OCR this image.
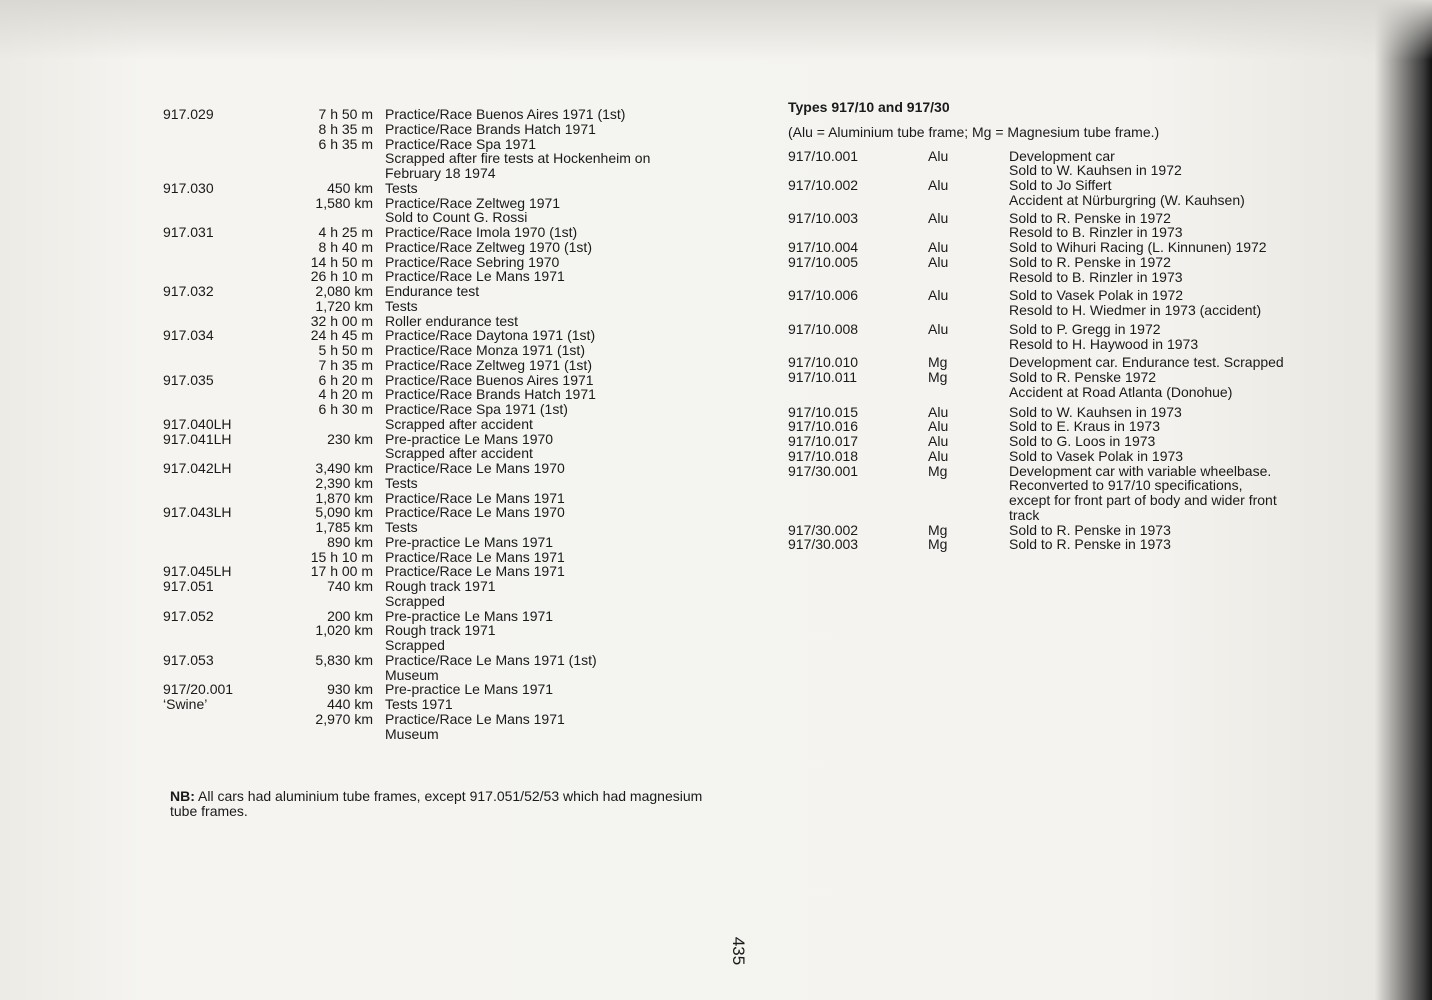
917.029	7 h 50 m Practice/Race Buenos Aires 1971 (1st)
8 h 35 m Practice/Race Brands Hatch 1971
6 h 35 m Practice/Race Spa 1971
Scrapped after fire tests at Hockenheim on
February 18 1974
917.030	450 km Tests
1,580 km Practice/Race Zeltweg 1971
Sold to Count G. Rossi
917.031	4 h 25 m Practice/Race Imola 1970 (1st)
8 h 40 m Practice/Race Zeltweg 1970 (1st)
14 h 50 m Practice/Race Sebring 1970
26 h 10 m Practice/Race Le Mans 1971
917.032	2,080 km Endurance test
1,720 km Tests
32 h 00 m Roller endurance test
917.034	24 h 45 m Practice/Race Daytona 1971 (1st)
5 h 50 m Practice/Race Monza 1971 (1st)
7 h 35 m Practice/Race Zeltweg 1971 (1st)
917.035	6 h 20 m Practice/Race Buenos Aires 1971
4 h 20 m Practice/Race Brands Hatch 1971
6 h 30 m Practice/Race Spa 1971 (1st)
917.040LH	Scrapped after accident
917.041LH	230 km Pre-practice Le Mans 1970
Scrapped after accident
917.042LH	3,490 km Practice/Race Le Mans 1970
2,390 km Tests
1,870 km Practice/Race Le Mans 1971
917.043LH	5,090 km Practice/Race Le Mans 1970
1,785 km Tests
890 km Pre-practice Le Mans 1971
15 h 10 m Practice/Race Le Mans 1971
917.045LH	17 h 00 m Practice/Race Le Mans 1971
917.051	740 km Rough track 1971
Scrapped
917.052	200 km Pre-practice Le Mans 1971
1,020 km Rough track 1971
Scrapped
917.053	5,830 km Practice/Race Le Mans 1971 (1st)
Museum
917/20.001	930 km Pre-practice Le Mans 1971
‘Swine’	440 km Tests 1971
2,970 km Practice/Race Le Mans 1971
Museum
Types 917/10 and 917/30
(Alu = Aluminium tube frame; Mg = Magnesium tube frame.)
917/10.001	Alu	Development car
Sold to W. Kauhsen in 1972
917/10.002	Alu	Sold to Jo Siffert
Accident at Nürburgring (W. Kauhsen)
917/10.003	Alu	Sold to R. Penske in 1972
Resold to B. Rinzler in 1973
917/10.004	Alu	Sold to Wihuri Racing (L. Kinnunen) 1972
917/10.005	Alu	Sold to R. Penske in 1972
Resold to B. Rinzler in 1973
917/10.006	Alu	Sold to Vasek Polak in 1972
Resold to H. Wiedmer in 1973 (accident)
917/10.008	Alu	Sold to P. Gregg in 1972
Resold to H. Haywood in 1973
917/10.010	Mg	Development car. Endurance test. Scrapped
917/10.011	Mg	Sold to R. Penske 1972
Accident at Road Atlanta (Donohue)
917/10.015	Alu	Sold to W. Kauhsen in 1973
917/10.016	Alu	Sold to E. Kraus in 1973
917/10.017	Alu	Sold to G. Loos in 1973
917/10.018	Alu	Sold to Vasek Polak in 1973
917/30.001	Mg	Development car with variable wheelbase.
Reconverted to 917/10 specifications,
except for front part of body and wider front
track
917/30.002	Mg	Sold to R. Penske in 1973
917/30.003	Mg	Sold to R. Penske in 1973
NB: All cars had aluminium tube frames, except 917.051/52/53 which had magnesium tube frames.
435
